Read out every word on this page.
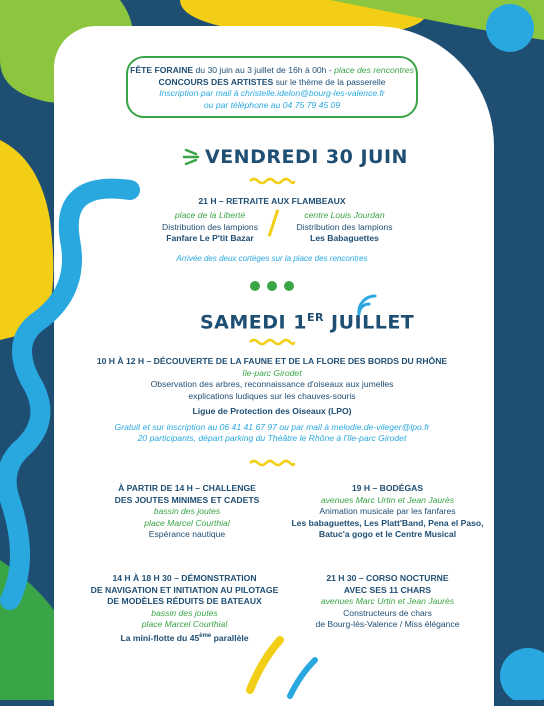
FÊTE FORAINE du 30 juin au 3 juillet de 16h à 00h - place des rencontres
CONCOURS DES ARTISTES sur le thème de la passerelle
Inscription par mail à christelle.idelon@bourg-les-valence.fr
ou par téléphone au 04 75 79 45 09
VENDREDI 30 JUIN
21 H – RETRAITE AUX FLAMBEAUX
place de la Liberté
Distribution des lampions
Fanfare Le P'tit Bazar
centre Louis Jourdan
Distribution des lampions
Les Babaguettes
Arrivée des deux cortèges sur la place des rencontres
SAMEDI 1ER JUILLET
10 H À 12 H – DÉCOUVERTE DE LA FAUNE ET DE LA FLORE DES BORDS DU RHÔNE
île-parc Girodet
Observation des arbres, reconnaissance d'oiseaux aux jumelles
explications ludiques sur les chauves-souris
Ligue de Protection des Oiseaux (LPO)
Gratuit et sur inscription au 06 41 41 67 97 ou par mail à melodie.de-vileger@lpo.fr
20 participants, départ parking du Théâtre le Rhône à l'île-parc Girodet
À PARTIR DE 14 H – CHALLENGE
DES JOUTES MINIMES ET CADETS
bassin des joutes
place Marcel Courthial
Espérance nautique
19 H – BODÉGAS
avenues Marc Urtin et Jean Jaurès
Animation musicale par les fanfares
Les babaguettes, Les Platt'Band, Pena el Paso,
Batuc'a gogo et le Centre Musical
14 H À 18 H 30 – DÉMONSTRATION
DE NAVIGATION ET INITIATION AU PILOTAGE
DE MODÈLES RÉDUITS DE BATEAUX
bassin des joutes
place Marcel Courthial
La mini-flotte du 45ème parallèle
21 H 30 – CORSO NOCTURNE
AVEC SES 11 CHARS
avenues Marc Urtin et Jean Jaurès
Constructeurs de chars
de Bourg-lès-Valence / Miss élégance
